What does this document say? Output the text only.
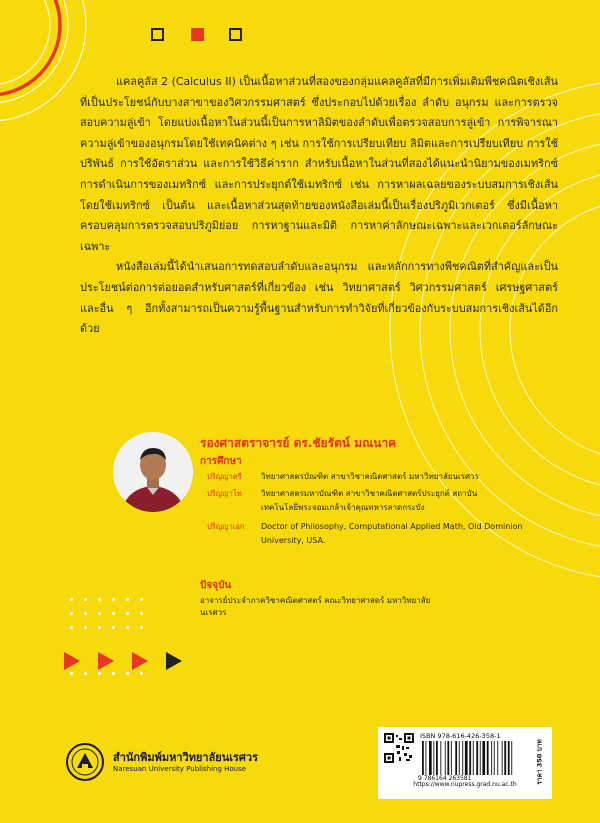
แคลคูลัส 2 (Calculus II) เป็นเนื้อหาส่วนที่สองของกลุ่มแคลคูลัสที่มีการเพิ่มเติมพีชคณิตเชิงเส้นที่เป็นประโยชน์กับบางสาขาของวิศวกรรมศาสตร์ ซึ่งประกอบไปด้วยเรื่อง ลำดับ อนุกรม และการตรวจสอบความลู่เข้า โดยแบ่งเนื้อหาในส่วนนี้เป็นการหาลิมิตของลำดับเพื่อตรวจสอบการลู่เข้า การพิจารณาความลู่เข้าของอนุกรมโดยใช้เทคนิคต่าง ๆ เช่น การใช้การเปรียบเทียบ ลิมิตและการเปรียบเทียบ การใช้ปริพันธ์ การใช้อัตราส่วน และการใช้วิธีค่าราก สำหรับเนื้อหาในส่วนที่สองได้แนะนำนิยามของเมทริกซ์ การดำเนินการของเมทริกซ์ และการประยุกต์ใช้เมทริกซ์ เช่น การหาผลเฉลยของระบบสมการเชิงเส้นโดยใช้เมทริกซ์ เป็นต้น และเนื้อหาส่วนสุดท้ายของหนังสือเล่มนี้เป็นเรื่องปริภูมิเวกเตอร์ ซึ่งมีเนื้อหาครอบคลุมการตรวจสอบปริภูมิย่อย การหาฐานและมิติ การหาค่าลักษณะเฉพาะและเวกเตอร์ลักษณะเฉพาะ

หนังสือเล่มนี้ได้นำเสนอการทดสอบลำดับและอนุกรม และหลักการทางพีชคณิตที่สำคัญและเป็นประโยชน์ต่อการต่อยอดสำหรับศาสตร์ที่เกี่ยวข้อง เช่น วิทยาศาสตร์ วิศวกรรมศาสตร์ เศรษฐศาสตร์ และอื่น ๆ อีกทั้งสามารถเป็นความรู้พื้นฐานสำหรับการทำวิจัยที่เกี่ยวข้องกับระบบสมการเชิงเส้นได้อีกด้วย

รองศาสตราจารย์ ดร.ชัยรัตน์ มณนาค
การศึกษา
ปริญญาตรี	วิทยาศาสตรบัณฑิต สาขาวิชาคณิตศาสตร์ มหาวิทยาลัยนเรศวร
ปริญญาโท	วิทยาศาสตรมหาบัณฑิต สาขาวิชาคณิตศาสตร์ประยุกต์ สถาบันเทคโนโลยีพระจอมเกล้าเจ้าคุณทหารลาดกระบัง
ปริญญาเอก	Doctor of Philosophy, Computational Applied Math, Old Dominion University, USA.
ปัจจุบัน
อาจารย์ประจำภาควิชาคณิตศาสตร์ คณะวิทยาศาสตร์ มหาวิทยาลัยนเรศวร
สำนักพิมพ์มหาวิทยาลัยนเรศวร
Naresuan University Publishing House
ISBN 978-616-426-358-1
9 786164 263581	ราคา 350 บาท
https://www.nupress.grad.nu.ac.th
